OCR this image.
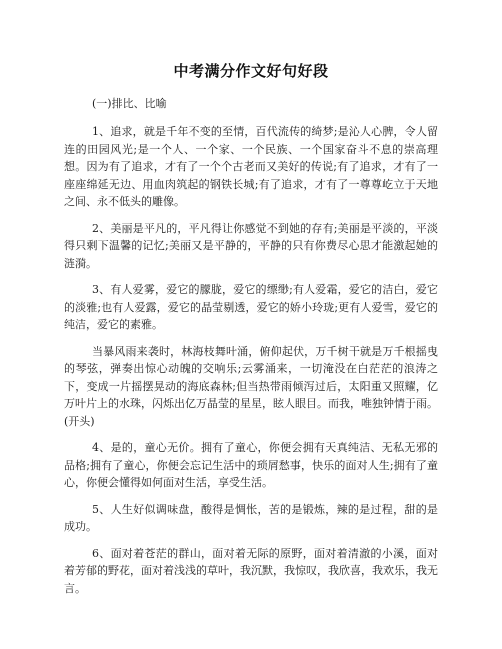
中考满分作文好句好段
(一)排比、比喻

1、追求，就是千年不变的至情，百代流传的绮梦;是沁人心脾，令人留连的田园风光;是一个人、一个家、一个民族、一个国家奋斗不息的崇高理想。因为有了追求，才有了一个个古老而又美好的传说;有了追求，才有了一座座绵延无边、用血肉筑起的钢铁长城;有了追求，才有了一尊尊屹立于天地之间、永不低头的雕像。

2、美丽是平凡的，平凡得让你感觉不到她的存有;美丽是平淡的，平淡得只剩下温馨的记忆;美丽又是平静的，平静的只有你费尽心思才能激起她的涟漪。

3、有人爱雾，爱它的朦胧，爱它的缥缈;有人爱霜，爱它的洁白，爱它的淡雅;也有人爱露，爱它的晶莹剔透，爱它的娇小玲珑;更有人爱雪，爱它的纯洁，爱它的素雅。

当暴风雨来袭时，林海枝舞叶涌，俯仰起伏，万千树干就是万千根摇曳的琴弦，弹奏出惊心动魄的交响乐;云雾涌来，一切淹没在白茫茫的浪涛之下，变成一片摇摆晃动的海底森林;但当热带雨倾泻过后，太阳重又照耀，亿万叶片上的水珠，闪烁出亿万晶莹的星星，眩人眼目。而我，唯独钟情于雨。(开头)

4、是的，童心无价。拥有了童心，你便会拥有天真纯洁、无私无邪的品格;拥有了童心，你便会忘记生活中的琐屑愁事，快乐的面对人生;拥有了童心，你便会懂得如何面对生活，享受生活。

5、人生好似调味盘，酸得是惆怅，苦的是锻炼，辣的是过程，甜的是成功。

6、面对着苍茫的群山，面对着无际的原野，面对着清澈的小溪，面对着芳郁的野花，面对着浅浅的草叶，我沉默，我惊叹，我欣喜，我欢乐，我无言。
